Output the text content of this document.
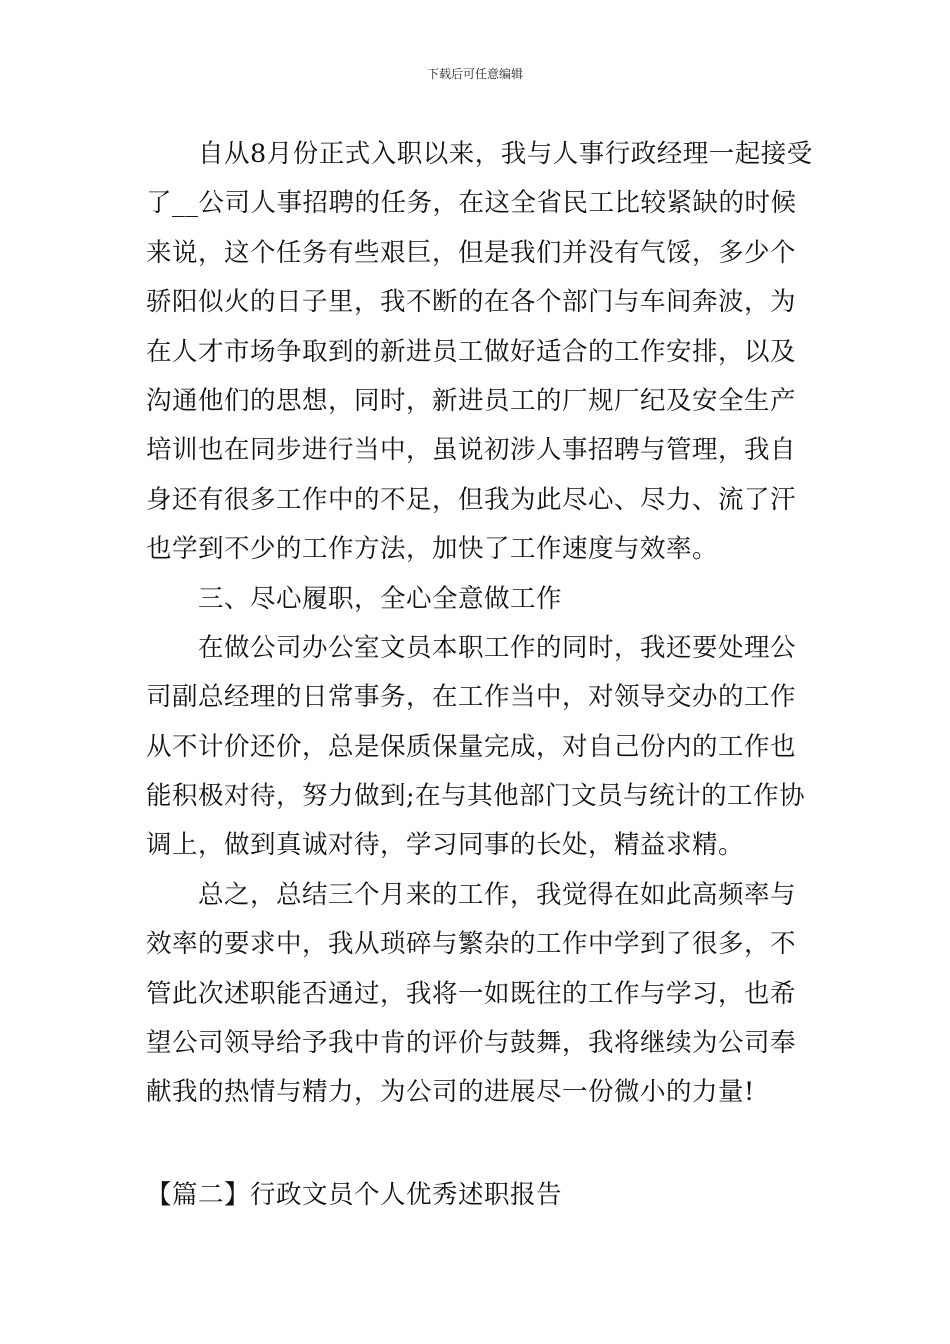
下载后可任意编辑
　　自从8月份正式入职以来，我与人事行政经理一起接受
了__公司人事招聘的任务，在这全省民工比较紧缺的时候
来说，这个任务有些艰巨，但是我们并没有气馁，多少个
骄阳似火的日子里，我不断的在各个部门与车间奔波，为
在人才市场争取到的新进员工做好适合的工作安排，以及
沟通他们的思想，同时，新进员工的厂规厂纪及安全生产
培训也在同步进行当中，虽说初涉人事招聘与管理，我自
身还有很多工作中的不足，但我为此尽心、尽力、流了汗
也学到不少的工作方法，加快了工作速度与效率。
　　三、尽心履职，全心全意做工作
　　在做公司办公室文员本职工作的同时，我还要处理公
司副总经理的日常事务，在工作当中，对领导交办的工作
从不计价还价，总是保质保量完成，对自己份内的工作也
能积极对待，努力做到;在与其他部门文员与统计的工作协
调上，做到真诚对待，学习同事的长处，精益求精。
　　总之，总结三个月来的工作，我觉得在如此高频率与
效率的要求中，我从琐碎与繁杂的工作中学到了很多，不
管此次述职能否通过，我将一如既往的工作与学习，也希
望公司领导给予我中肯的评价与鼓舞，我将继续为公司奉
献我的热情与精力，为公司的进展尽一份微小的力量!
【篇二】行政文员个人优秀述职报告
